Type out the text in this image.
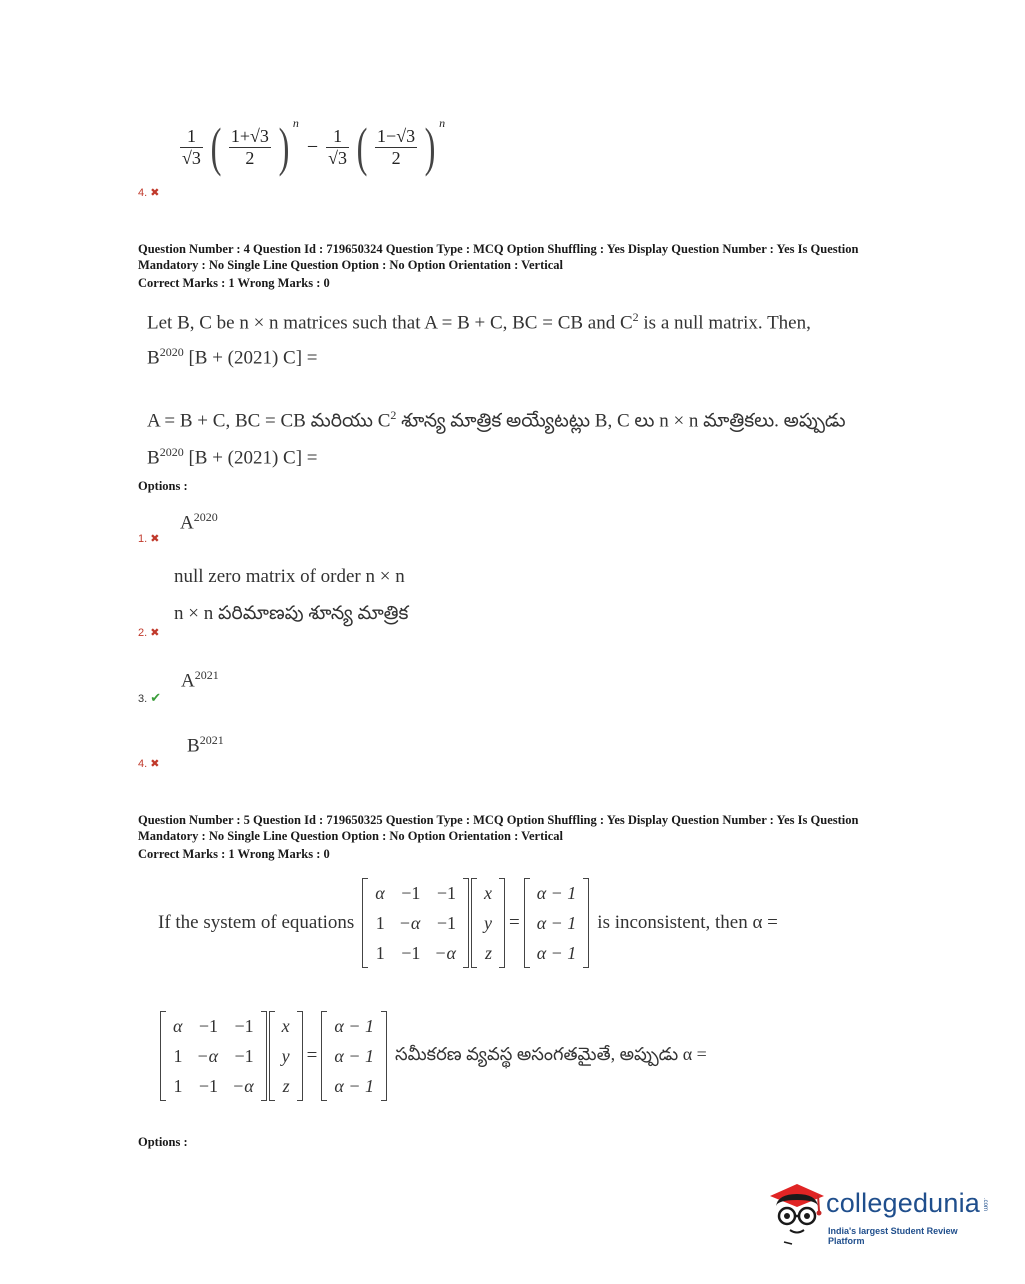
$\frac{1}{√3}$ ( $\frac{1+√3}{2}$ ) $^n - \frac{1}{√3}$ ( $\frac{1-√3}{2}$ ) $^n$
4. ✖
Question Number : 4 Question Id : 719650324 Question Type : MCQ Option Shuffling : Yes Display Question Number : Yes Is Question
Mandatory : No Single Line Question Option : No Option Orientation : Vertical
Correct Marks : 1 Wrong Marks : 0
Let B, C be n × n matrices such that A = B + C, BC = CB and $C^2$ is a null matrix. Then,
$B^{2020}$ [B + (2021) C] =
A = B + C, BC = CB మరియు $C^2$ శూన్య మాత్రిక అయ్యేటట్లు B, C లు n × n మాత్రికలు. అప్పుడు
$B^{2020}$ [B + (2021) C] =
Options :
$A^{2020}$
1. ✖
null zero matrix of order n × n
n × n పరిమాణపు శూన్య మాత్రిక
2. ✖
$A^{2021}$
3. ✔
$B^{2021}$
4. ✖
Question Number : 5 Question Id : 719650325 Question Type : MCQ Option Shuffling : Yes Display Question Number : Yes Is Question
Mandatory : No Single Line Question Option : No Option Orientation : Vertical
Correct Marks : 1 Wrong Marks : 0
If the system of equations
α	−1	−1
1	−α	−1
1	−1	−α
x
y
z
=
α − 1
α − 1
α − 1
is inconsistent, then α =
α	−1	−1
1	−α	−1
1	−1	−α
x
y
z
=
α − 1
α − 1
α − 1
సమీకరణ వ్యవస్థ అసంగతమైతే, అప్పుడు α =
Options :
collegedunia .com
India's largest Student Review Platform
